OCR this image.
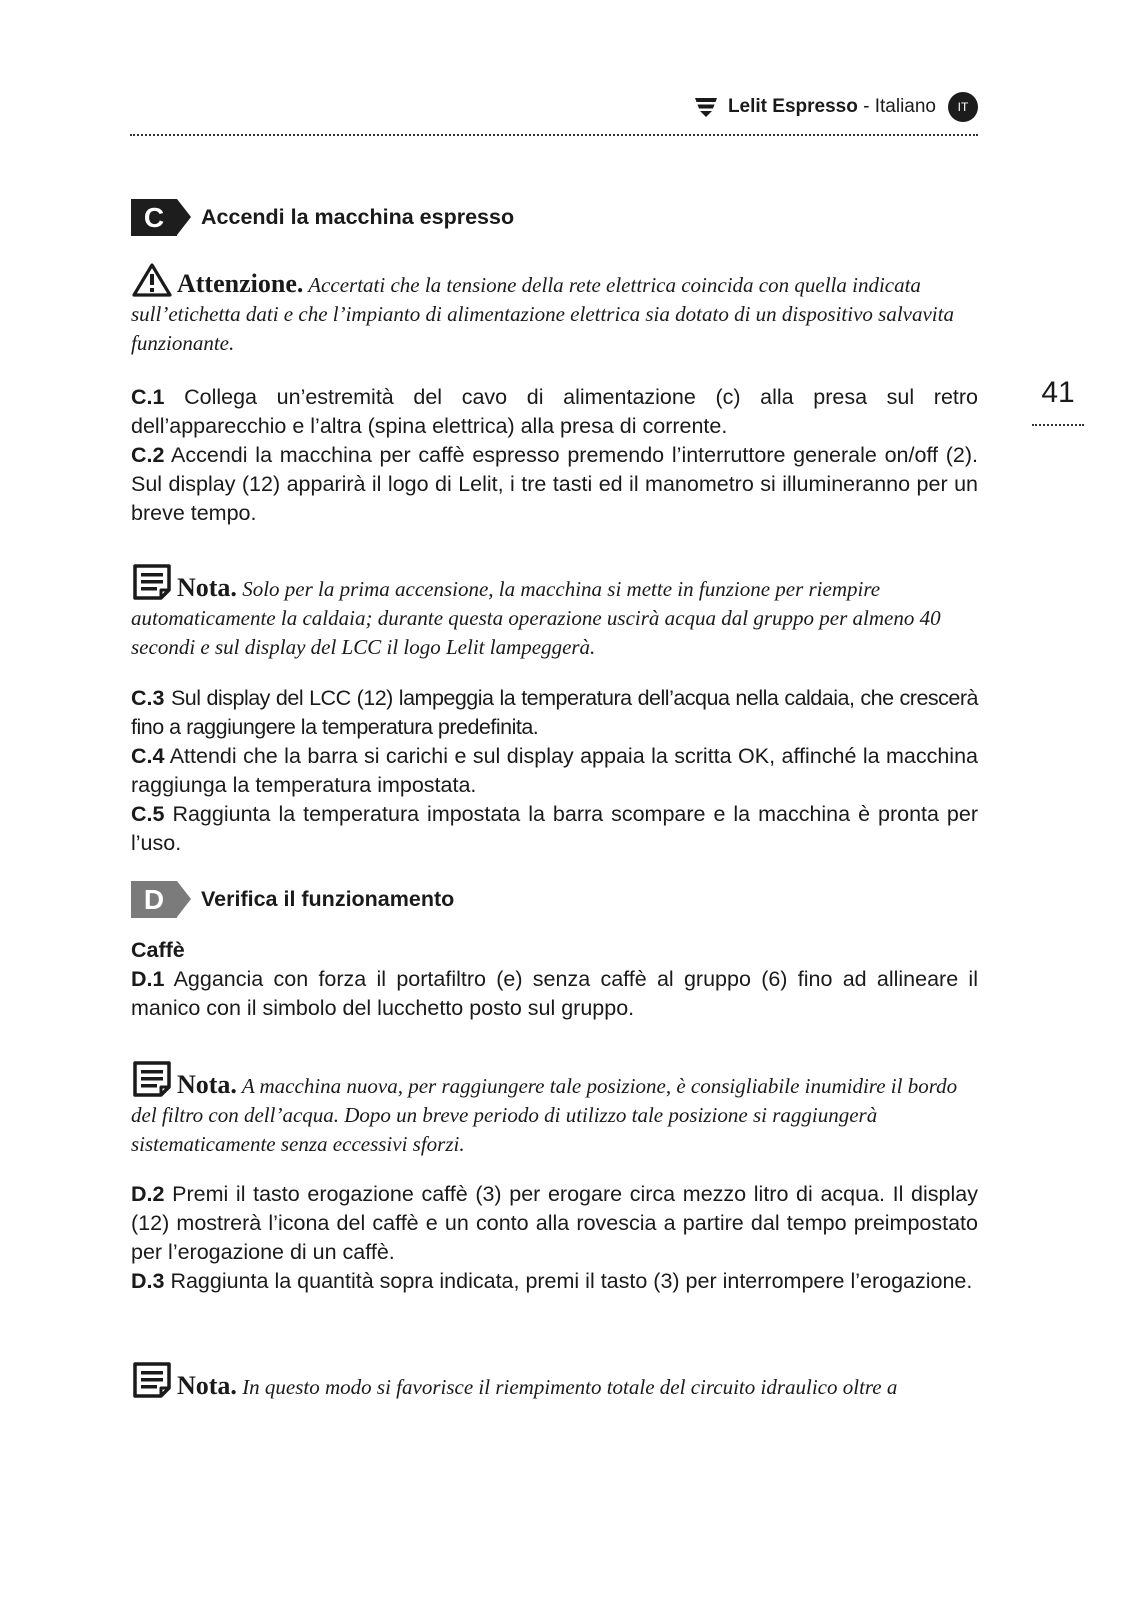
Lelit Espresso - Italiano	IT
41
C	Accendi la macchina espresso
Attenzione. Accertati che la tensione della rete elettrica coincida con quella indicata sull’etichetta dati e che l’impianto di alimentazione elettrica sia dotato di un dispositivo salvavita funzionante.

C.1 Collega un’estremità del cavo di alimentazione (c) alla presa sul retro dell’apparecchio e l’altra (spina elettrica) alla presa di corrente.

C.2 Accendi la macchina per caffè espresso premendo l’interruttore generale on/off (2). Sul display (12) apparirà il logo di Lelit, i tre tasti ed il manometro si illumineranno per un breve tempo.

Nota. Solo per la prima accensione, la macchina si mette in funzione per riempire automaticamente la caldaia; durante questa operazione uscirà acqua dal gruppo per almeno 40 secondi e sul display del LCC il logo Lelit lampeggerà.

C.3 Sul display del LCC (12) lampeggia la temperatura dell’acqua nella caldaia, che crescerà fino a raggiungere la temperatura predefinita.

C.4 Attendi che la barra si carichi e sul display appaia la scritta OK, affinché la macchina raggiunga la temperatura impostata.

C.5 Raggiunta la temperatura impostata la barra scompare e la macchina è pronta per l’uso.

D	Verifica il funzionamento

Caffè

D.1 Aggancia con forza il portafiltro (e) senza caffè al gruppo (6) fino ad allineare il manico con il simbolo del lucchetto posto sul gruppo.

Nota. A macchina nuova, per raggiungere tale posizione, è consigliabile inumidire il bordo del filtro con dell’acqua. Dopo un breve periodo di utilizzo tale posizione si raggiungerà sistematicamente senza eccessivi sforzi.

D.2 Premi il tasto erogazione caffè (3) per erogare circa mezzo litro di acqua. Il display (12) mostrerà l’icona del caffè e un conto alla rovescia a partire dal tempo preimpostato per l’erogazione di un caffè.

D.3 Raggiunta la quantità sopra indicata, premi il tasto (3) per interrompere l’erogazione.

Nota. In questo modo si favorisce il riempimento totale del circuito idraulico oltre a
